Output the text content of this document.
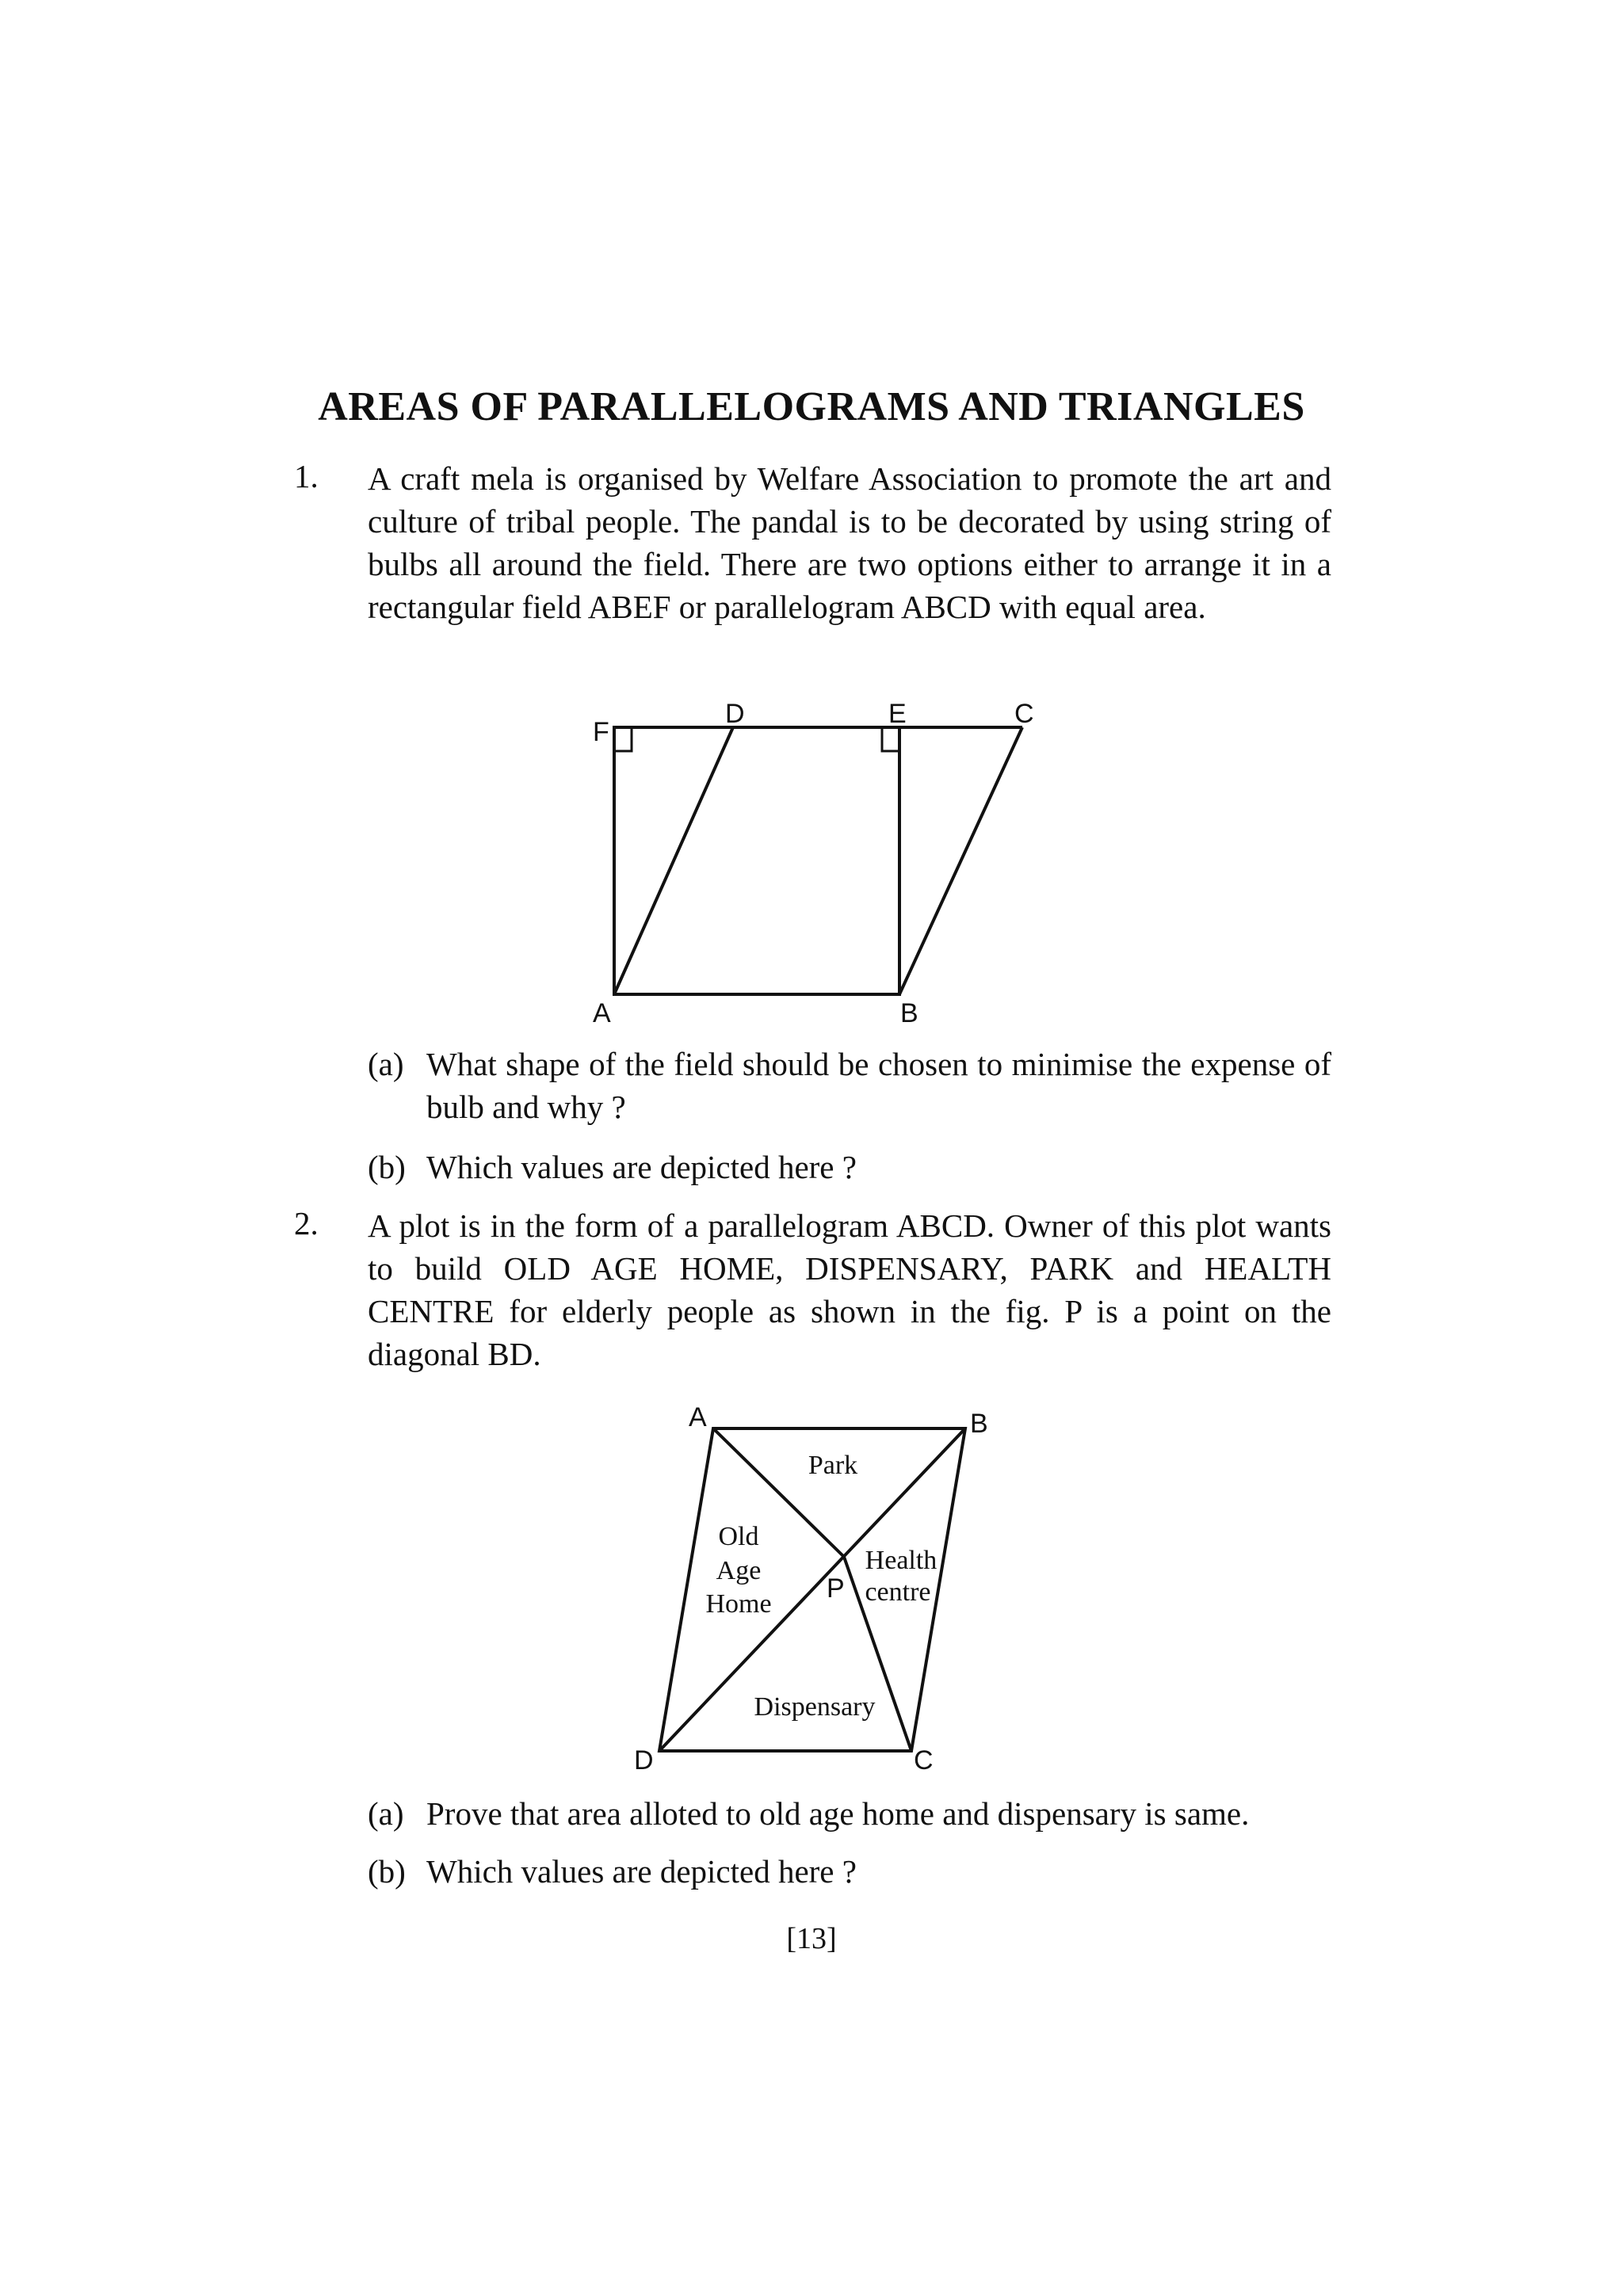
AREAS OF PARALLELOGRAMS AND TRIANGLES
1. A craft mela is organised by Welfare Association to promote the art and culture of tribal people. The pandal is to be decorated by using string of bulbs all around the field. There are two options either to arrange it in a rectangular field ABEF or parallelogram ABCD with equal area.
F
D	E	C
A	B
(a) What shape of the field should be chosen to minimise the expense of bulb and why ?
(b) Which values are depicted here ?
2. A plot is in the form of a parallelogram ABCD. Owner of this plot wants to build OLD AGE HOME, DISPENSARY, PARK and HEALTH CENTRE for elderly people as shown in the fig. P is a point on the diagonal BD.
A	B
C
D
P
Park
Old
Age
Home
Health
centre
Dispensary
(a) Prove that area alloted to old age home and dispensary is same.
(b) Which values are depicted here ?
[13]
